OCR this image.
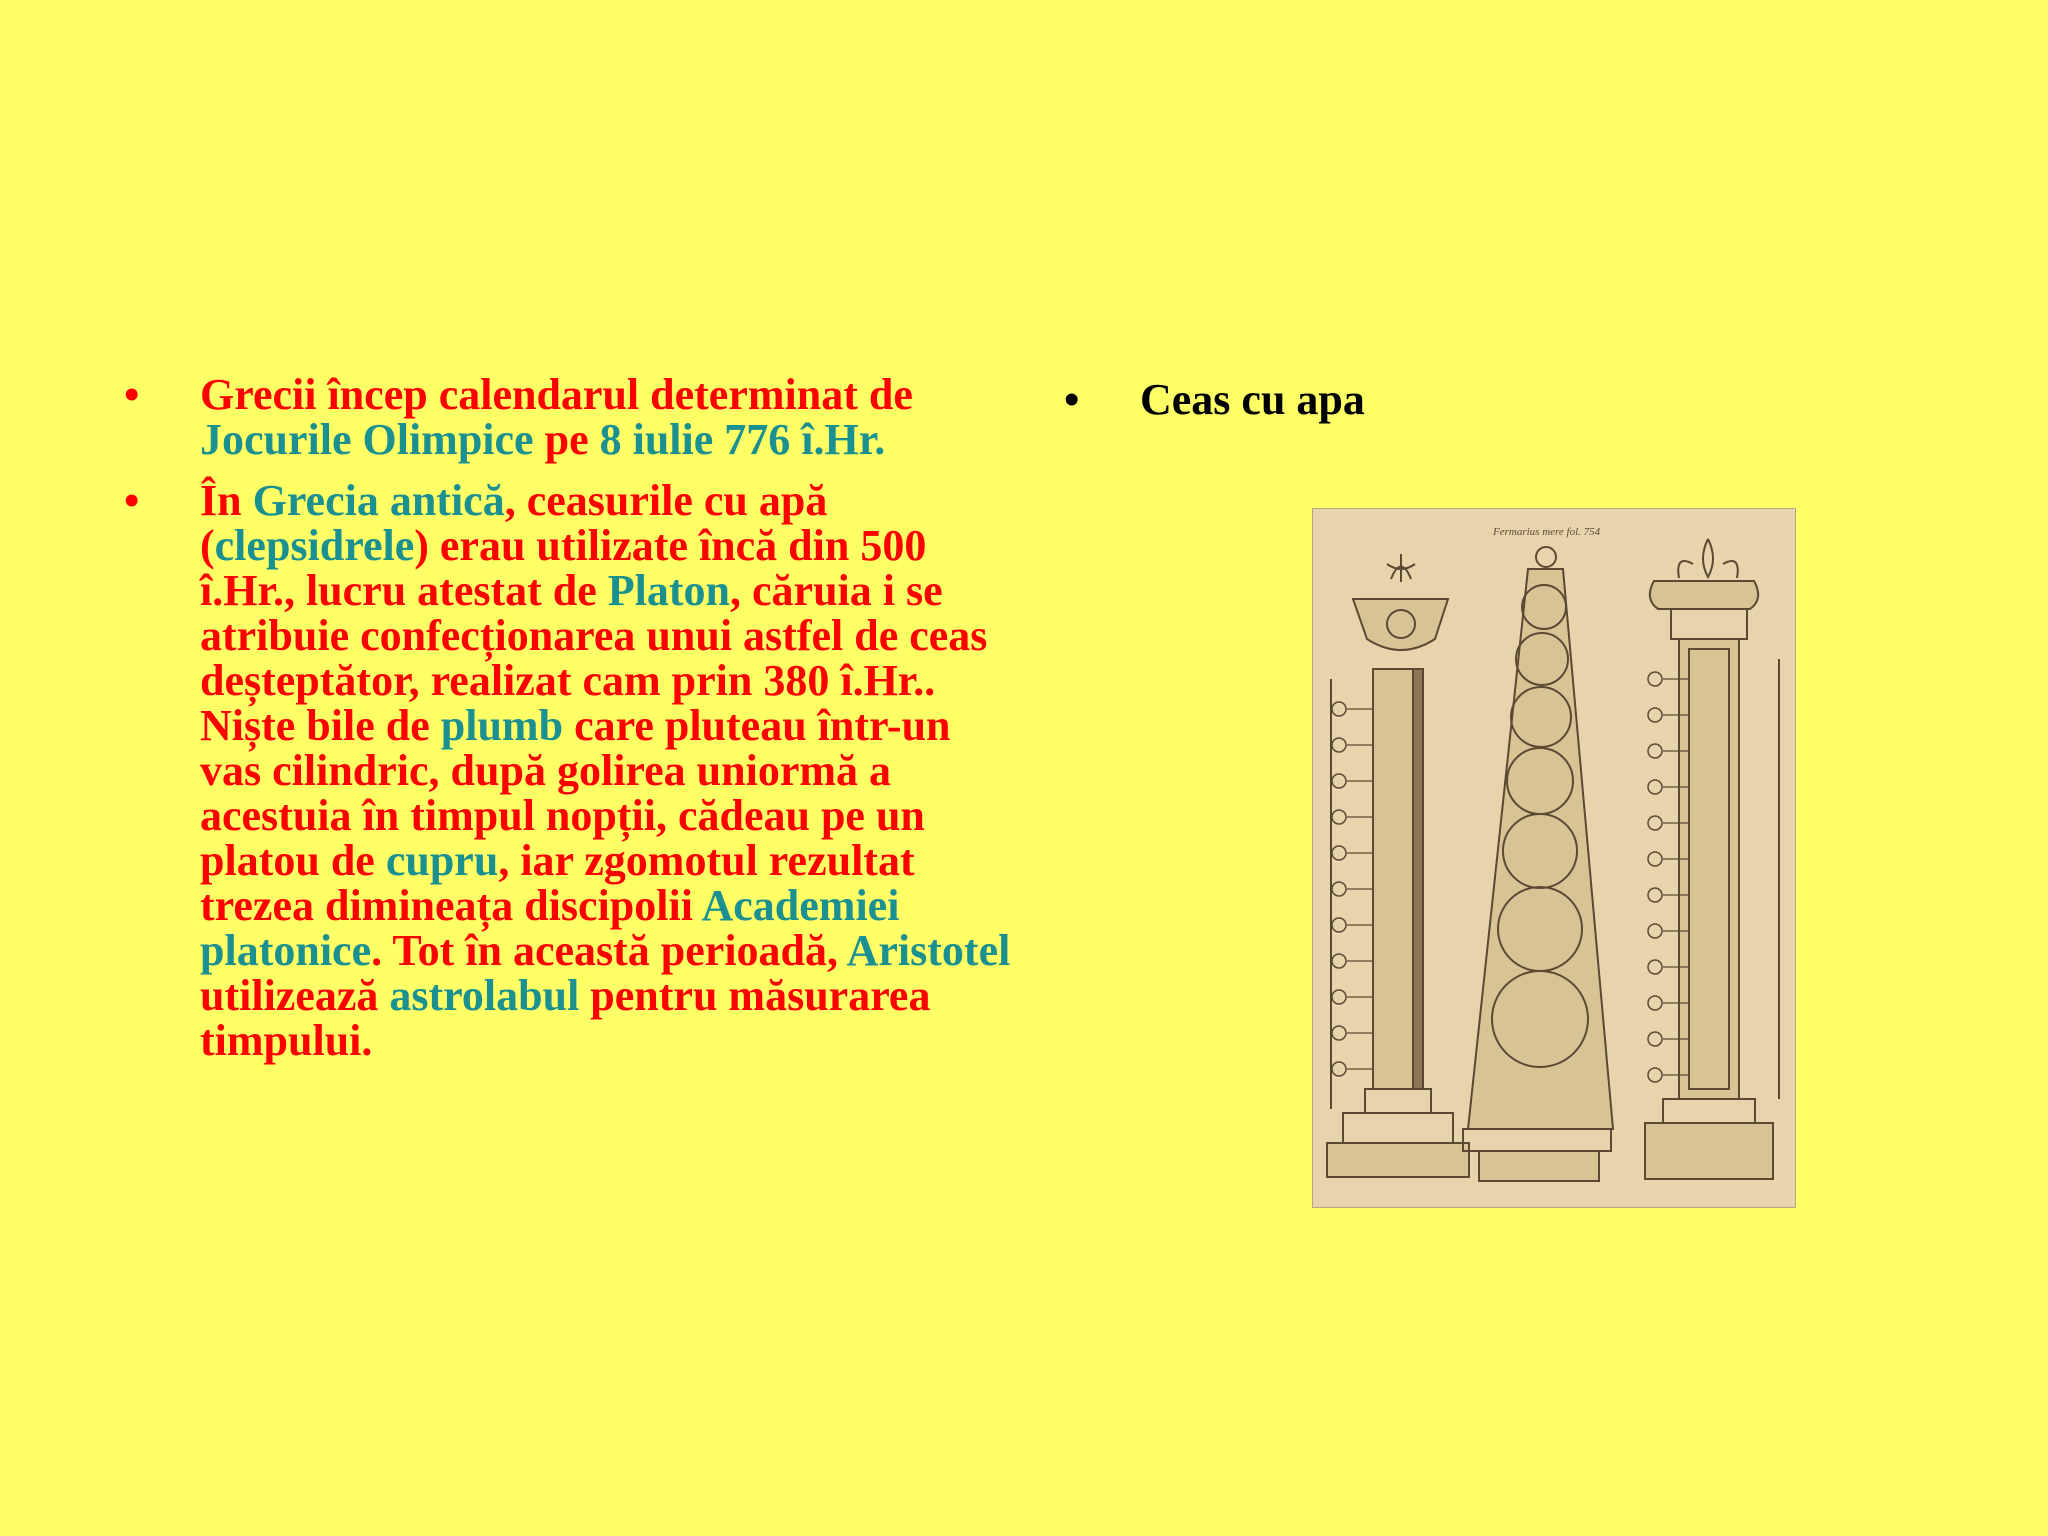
• Grecii încep calendarul determinat de Jocurile Olimpice pe 8 iulie 776 î.Hr.
• În Grecia antică, ceasurile cu apă (clepsidrele) erau utilizate încă din 500 î.Hr., lucru atestat de Platon, căruia i se atribuie confecționarea unui astfel de ceas deșteptător, realizat cam prin 380 î.Hr.. Niște bile de plumb care pluteau într-un vas cilindric, după golirea uniormă a acestuia în timpul nopții, cădeau pe un platou de cupru, iar zgomotul rezultat trezea dimineața discipolii Academiei platonice. Tot în această perioadă, Aristotel utilizează astrolabul pentru măsurarea timpului.
• Ceas cu apa
Fermarius mere fol. 754
